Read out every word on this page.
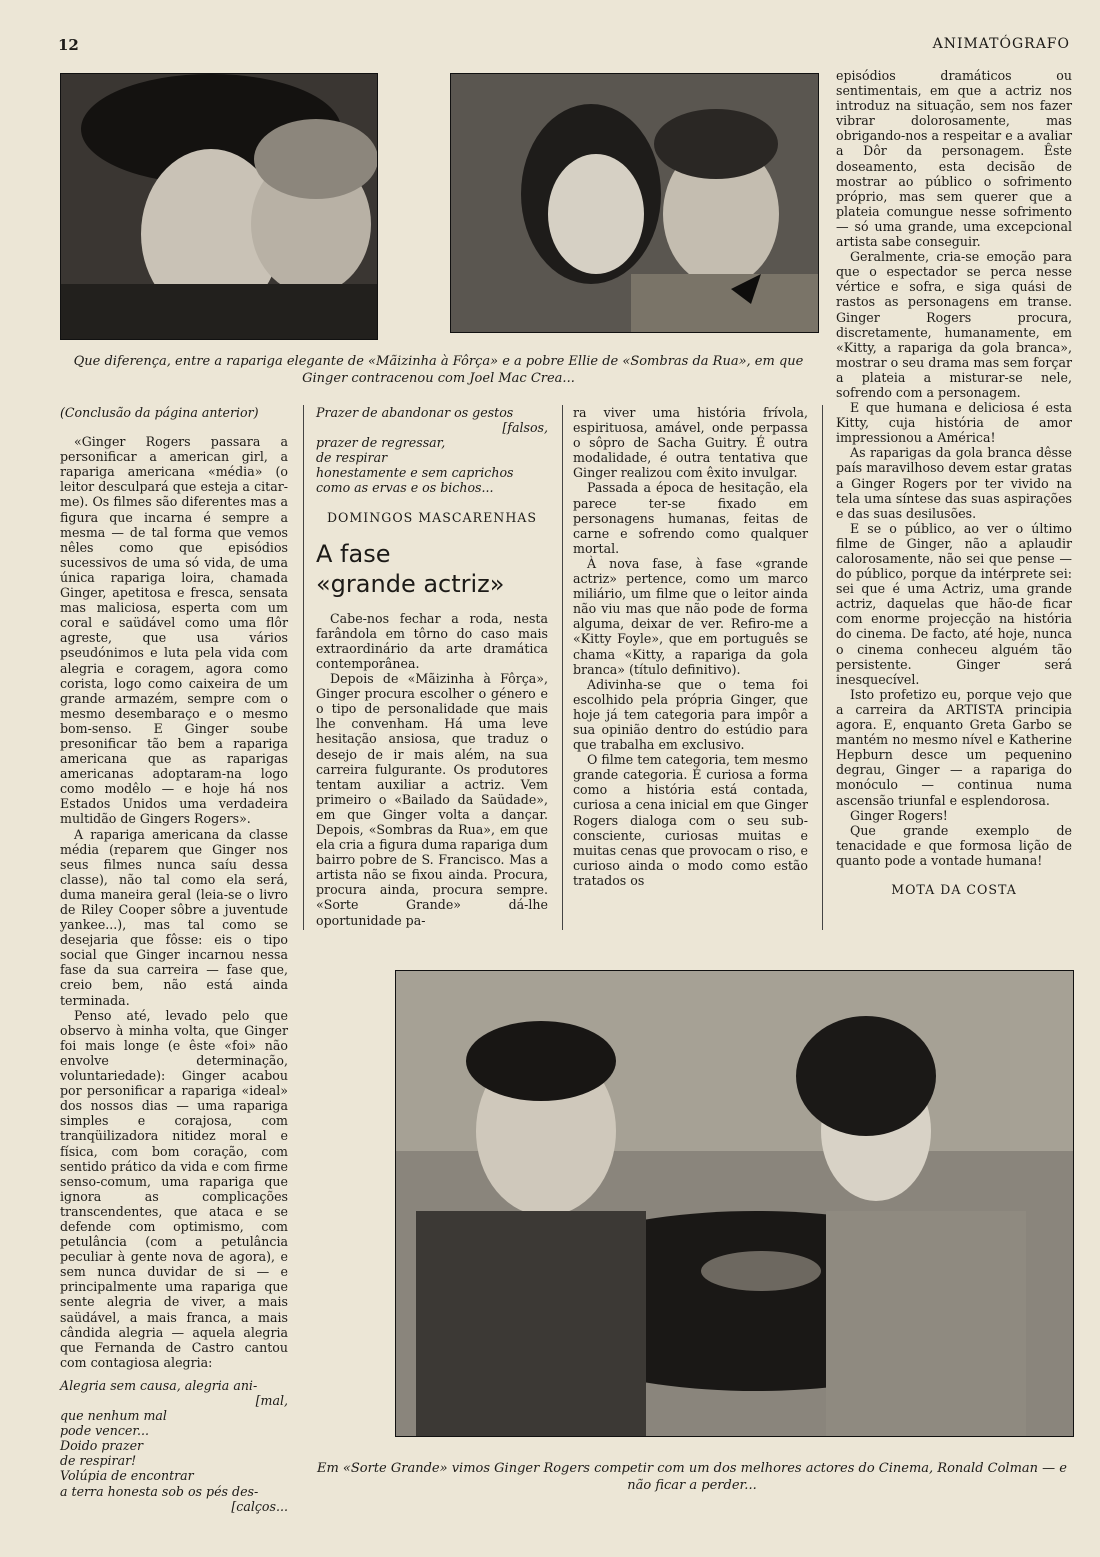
12	ANIMATÓGRAFO
Que diferença, entre a rapariga elegante de «Mãizinha à Fôrça» e a pobre Ellie de «Sombras da Rua», em que Ginger contracenou com Joel Mac Crea...

(Conclusão da página anterior)

«Ginger Rogers passara a personificar a american girl, a rapariga americana «média» (o leitor desculpará que esteja a citar-me). Os filmes são diferentes mas a figura que incarna é sempre a mesma — de tal forma que vemos nêles como que episódios sucessivos de uma só vida, de uma única rapariga loira, chamada Ginger, apetitosa e fresca, sensata mas maliciosa, esperta com um coral e saüdável como uma flôr agreste, que usa vários pseudónimos e luta pela vida com alegria e coragem, agora como corista, logo como caixeira de um grande armazém, sempre com o mesmo desembaraço e o mesmo bom-senso. E Ginger soube presonificar tão bem a rapariga americana que as raparigas americanas adoptaram-na logo como modêlo — e hoje há nos Estados Unidos uma verdadeira multidão de Gingers Rogers».

A rapariga americana da classe média (reparem que Ginger nos seus filmes nunca saíu dessa classe), não tal como ela será, duma maneira geral (leia-se o livro de Riley Cooper sôbre a juventude yankee...), mas tal como se desejaria que fôsse: eis o tipo social que Ginger incarnou nessa fase da sua carreira — fase que, creio bem, não está ainda terminada.

Penso até, levado pelo que observo à minha volta, que Ginger foi mais longe (e êste «foi» não envolve determinação, voluntariedade): Ginger acabou por personificar a rapariga «ideal» dos nossos dias — uma rapariga simples e corajosa, com tranqüilizadora nitidez moral e física, com bom coração, com sentido prático da vida e com firme senso-comum, uma rapariga que ignora as complicações transcendentes, que ataca e se defende com optimismo, com petulância (com a petulância peculiar à gente nova de agora), e sem nunca duvidar de si — e principalmente uma rapariga que sente alegria de viver, a mais saüdável, a mais franca, a mais cândida alegria — aquela alegria que Fernanda de Castro cantou com contagiosa alegria:

Alegria sem causa, alegria ani-
[mal,
que nenhum mal
pode vencer...
Doido prazer
de respirar!
Volúpia de encontrar
a terra honesta sob os pés des-
[calços...
Prazer de abandonar os gestos
[falsos,
prazer de regressar,
de respirar
honestamente e sem caprichos
como as ervas e os bichos...

DOMINGOS MASCARENHAS

A fase
«grande actriz»

Cabe-nos fechar a roda, nesta farândola em tôrno do caso mais extraordinário da arte dramática contemporânea.

Depois de «Mãizinha à Fôrça», Ginger procura escolher o género e o tipo de personalidade que mais lhe convenham. Há uma leve hesitação ansiosa, que traduz o desejo de ir mais além, na sua carreira fulgurante. Os produtores tentam auxiliar a actriz. Vem primeiro o «Bailado da Saüdade», em que Ginger volta a dançar. Depois, «Sombras da Rua», em que ela cria a figura duma rapariga dum bairro pobre de S. Francisco. Mas a artista não se fixou ainda. Procura, procura ainda, procura sempre. «Sorte Grande» dá-lhe oportunidade pa-

ra viver uma história frívola, espirituosa, amável, onde perpassa o sôpro de Sacha Guitry. É outra modalidade, é outra tentativa que Ginger realizou com êxito invulgar.

Passada a época de hesitação, ela parece ter-se fixado em personagens humanas, feitas de carne e sofrendo como qualquer mortal.

À nova fase, à fase «grande actriz» pertence, como um marco miliário, um filme que o leitor ainda não viu mas que não pode de forma alguma, deixar de ver. Refiro-me a «Kitty Foyle», que em português se chama «Kitty, a rapariga da gola branca» (título definitivo).

Adivinha-se que o tema foi escolhido pela própria Ginger, que hoje já tem categoria para impôr a sua opinião dentro do estúdio para que trabalha em exclusivo.

O filme tem categoria, tem mesmo grande categoria. É curiosa a forma como a história está contada, curiosa a cena inicial em que Ginger Rogers dialoga com o seu sub-consciente, curiosas muitas e muitas cenas que provocam o riso, e curioso ainda o modo como estão tratados os

episódios dramáticos ou sentimentais, em que a actriz nos introduz na situação, sem nos fazer vibrar dolorosamente, mas obrigando-nos a respeitar e a avaliar a Dôr da personagem. Êste doseamento, esta decisão de mostrar ao público o sofrimento próprio, mas sem querer que a plateia comungue nesse sofrimento — só uma grande, uma excepcional artista sabe conseguir.

Geralmente, cria-se emoção para que o espectador se perca nesse vértice e sofra, e siga quási de rastos as personagens em transe. Ginger Rogers procura, discretamente, humanamente, em «Kitty, a rapariga da gola branca», mostrar o seu drama mas sem forçar a plateia a misturar-se nele, sofrendo com a personagem.

E que humana e deliciosa é esta Kitty, cuja história de amor impressionou a América!

As raparigas da gola branca dêsse país maravilhoso devem estar gratas a Ginger Rogers por ter vivido na tela uma síntese das suas aspirações e das suas desilusões.

E se o público, ao ver o último filme de Ginger, não a aplaudir calorosamente, não sei que pense — do público, porque da intérprete sei: sei que é uma Actriz, uma grande actriz, daquelas que hão-de ficar com enorme projecção na história do cinema. De facto, até hoje, nunca o cinema conheceu alguém tão persistente. Ginger será inesquecível.

Isto profetizo eu, porque vejo que a carreira da ARTISTA principia agora. E, enquanto Greta Garbo se mantém no mesmo nível e Katherine Hepburn desce um pequenino degrau, Ginger — a rapariga do monóculo — continua numa ascensão triunfal e esplendorosa.

Ginger Rogers!

Que grande exemplo de tenacidade e que formosa lição de quanto pode a vontade humana!

MOTA DA COSTA

Em «Sorte Grande» vimos Ginger Rogers competir com um dos melhores actores do Cinema, Ronald Colman — e não ficar a perder...
